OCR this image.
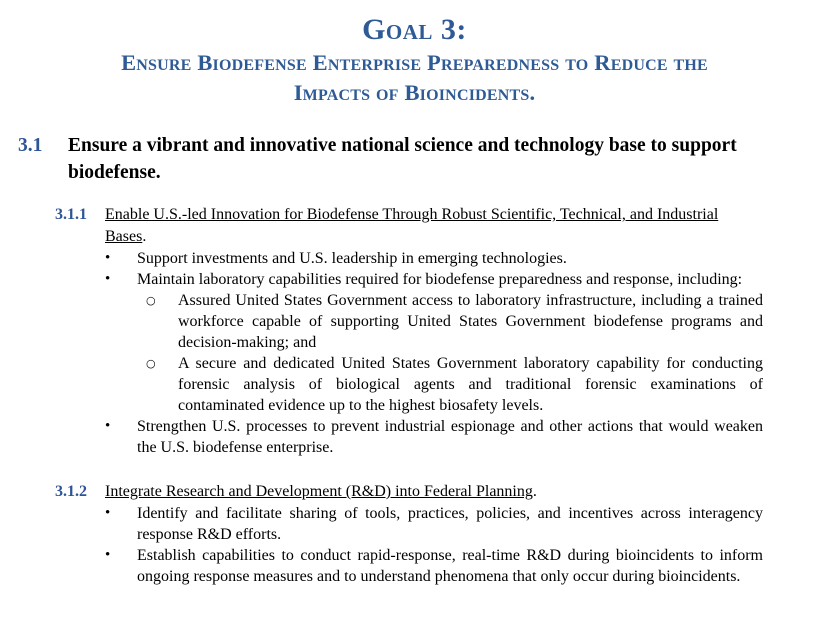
Goal 3:
Ensure Biodefense Enterprise Preparedness to Reduce the
Impacts of Bioincidents.
3.1	Ensure a vibrant and innovative national science and technology base to support biodefense.
3.1.1	Enable U.S.-led Innovation for Biodefense Through Robust Scientific, Technical, and Industrial Bases.
•	Support investments and U.S. leadership in emerging technologies.

•	Maintain laboratory capabilities required for biodefense preparedness and response, including:

○	Assured United States Government access to laboratory infrastructure, including a trained workforce capable of supporting United States Government biodefense programs and decision-making; and

○	A secure and dedicated United States Government laboratory capability for conducting forensic analysis of biological agents and traditional forensic examinations of contaminated evidence up to the highest biosafety levels.

•	Strengthen U.S. processes to prevent industrial espionage and other actions that would weaken the U.S. biodefense enterprise.

3.1.2	Integrate Research and Development (R&D) into Federal Planning.
•	Identify and facilitate sharing of tools, practices, policies, and incentives across interagency response R&D efforts.

•	Establish capabilities to conduct rapid-response, real-time R&D during bioincidents to inform ongoing response measures and to understand phenomena that only occur during bioincidents.
